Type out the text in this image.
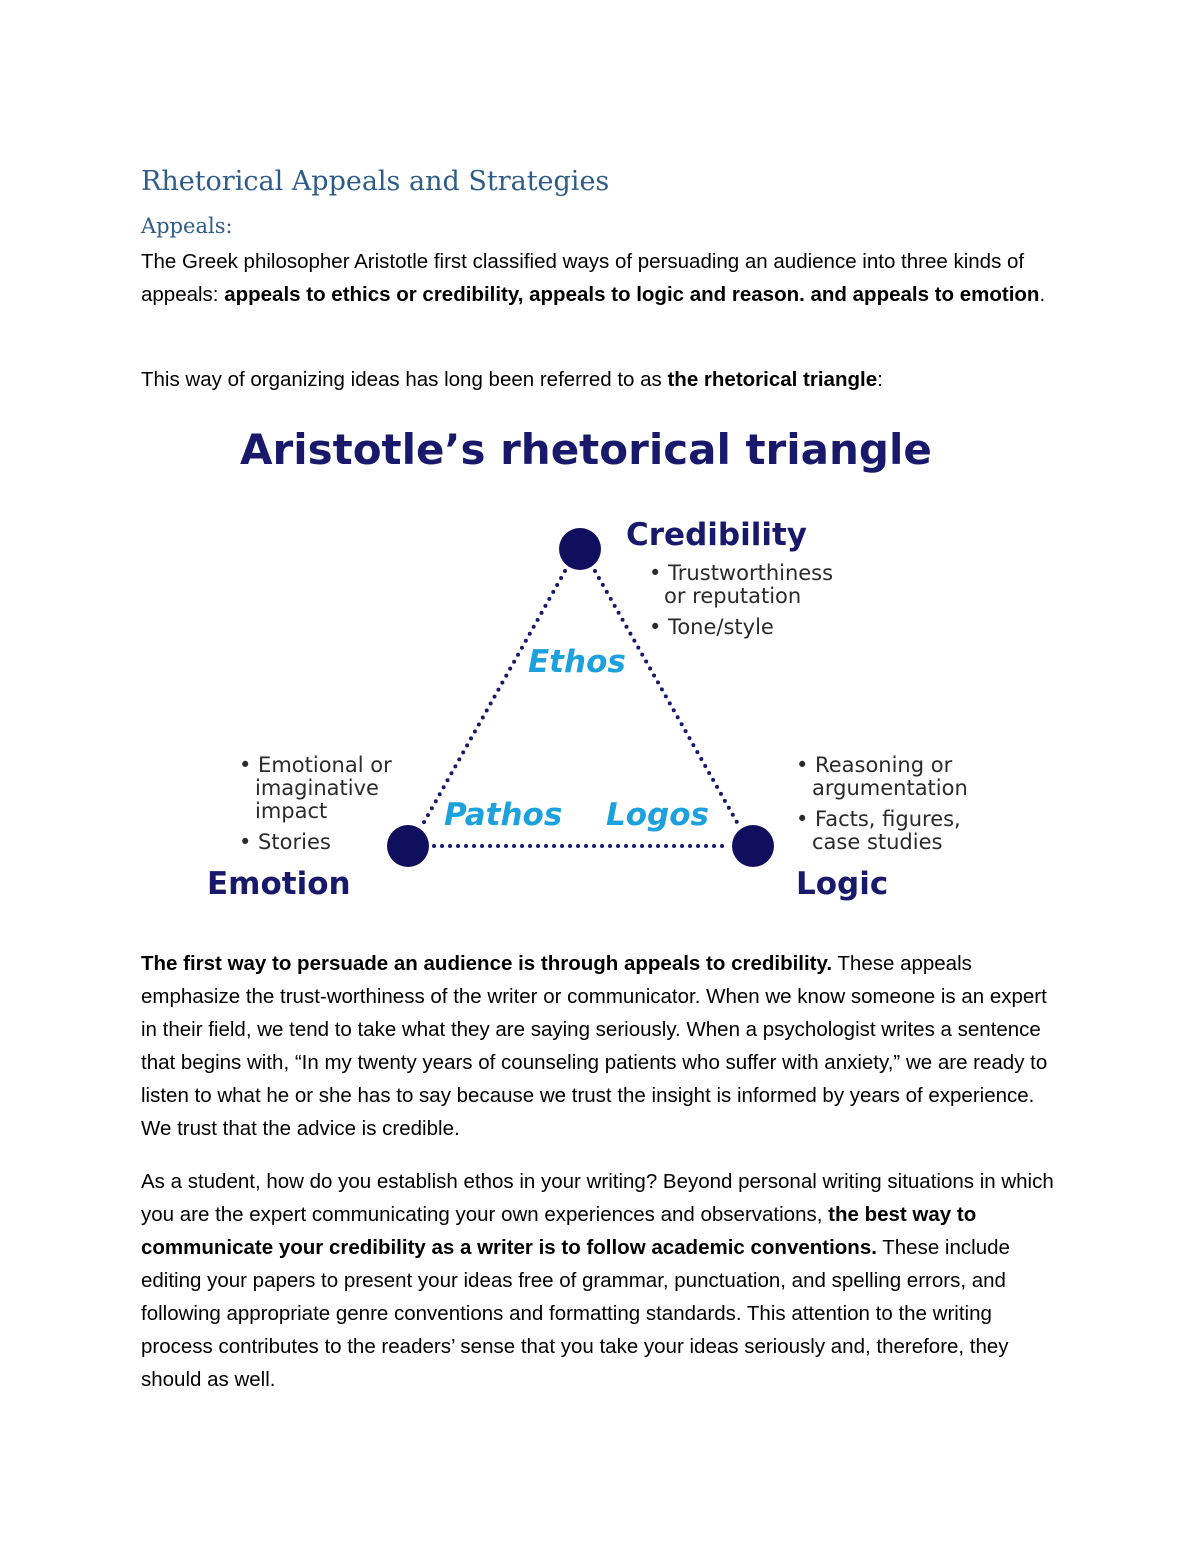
Rhetorical Appeals and Strategies
Appeals:

The Greek philosopher Aristotle first classified ways of persuading an audience into three kinds of appeals: appeals to ethics or credibility, appeals to logic and reason. and appeals to emotion.

This way of organizing ideas has long been referred to as the rhetorical triangle:

Aristotle’s rhetorical triangle
Credibility
• Trustworthiness
or reputation
• Tone/style
Ethos
Pathos Logos
• Emotional or
imaginative
impact
• Stories
Emotion
• Reasoning or
argumentation
• Facts, figures,
case studies
Logic

The first way to persuade an audience is through appeals to credibility. These appeals emphasize the trust-worthiness of the writer or communicator. When we know someone is an expert in their field, we tend to take what they are saying seriously. When a psychologist writes a sentence that begins with, “In my twenty years of counseling patients who suffer with anxiety,” we are ready to listen to what he or she has to say because we trust the insight is informed by years of experience. We trust that the advice is credible.

As a student, how do you establish ethos in your writing? Beyond personal writing situations in which you are the expert communicating your own experiences and observations, the best way to communicate your credibility as a writer is to follow academic conventions. These include editing your papers to present your ideas free of grammar, punctuation, and spelling errors, and following appropriate genre conventions and formatting standards. This attention to the writing process contributes to the readers’ sense that you take your ideas seriously and, therefore, they should as well.
